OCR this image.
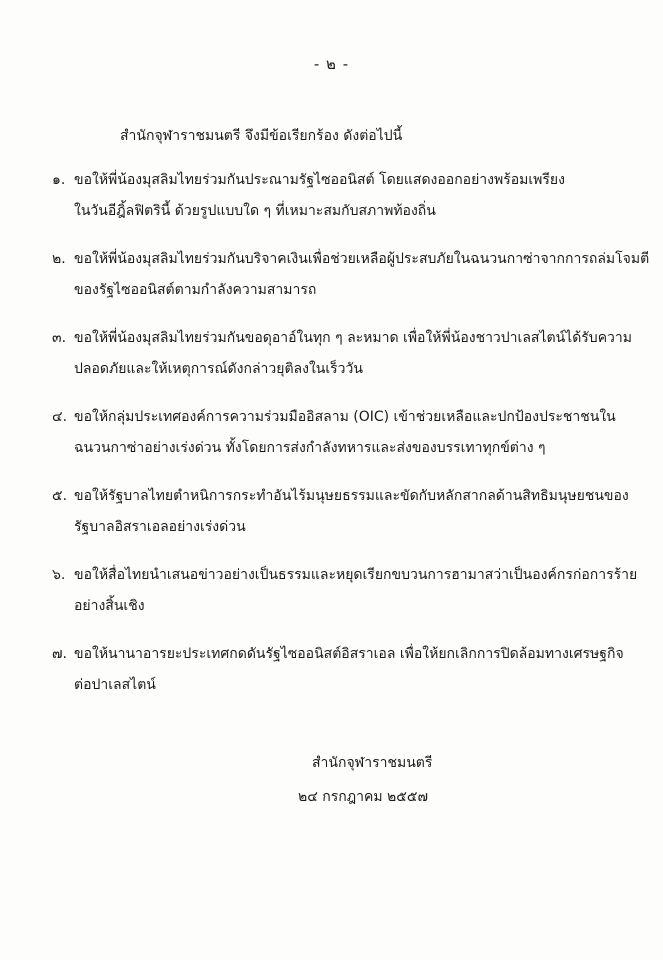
- ๒ -
สำนักจุฬาราชมนตรี จึงมีข้อเรียกร้อง ดังต่อไปนี้
๑. ขอให้พี่น้องมุสลิมไทยร่วมกันประณามรัฐไซออนิสต์ โดยแสดงออกอย่างพร้อมเพรียง
ในวันอีฎิ้ลฟิตรินี้ ด้วยรูปแบบใด ๆ ที่เหมาะสมกับสภาพท้องถิ่น
๒. ขอให้พี่น้องมุสลิมไทยร่วมกันบริจาคเงินเพื่อช่วยเหลือผู้ประสบภัยในฉนวนกาซ่าจากการถล่มโจมตี
ของรัฐไซออนิสต์ตามกำลังความสามารถ
๓. ขอให้พี่น้องมุสลิมไทยร่วมกันขอดุอาอ์ในทุก ๆ ละหมาด เพื่อให้พี่น้องชาวปาเลสไตน์ได้รับความ
ปลอดภัยและให้เหตุการณ์ดังกล่าวยุติลงในเร็ววัน
๔. ขอให้กลุ่มประเทศองค์การความร่วมมืออิสลาม (OIC) เข้าช่วยเหลือและปกป้องประชาชนใน
ฉนวนกาซ่าอย่างเร่งด่วน ทั้งโดยการส่งกำลังทหารและส่งของบรรเทาทุกข์ต่าง ๆ
๕. ขอให้รัฐบาลไทยตำหนิการกระทำอันไร้มนุษยธรรมและขัดกับหลักสากลด้านสิทธิมนุษยชนของ
รัฐบาลอิสราเอลอย่างเร่งด่วน
๖. ขอให้สื่อไทยนำเสนอข่าวอย่างเป็นธรรมและหยุดเรียกขบวนการฮามาสว่าเป็นองค์กรก่อการร้าย
อย่างสิ้นเชิง
๗. ขอให้นานาอารยะประเทศกดดันรัฐไซออนิสต์อิสราเอล เพื่อให้ยกเลิกการปิดล้อมทางเศรษฐกิจ
ต่อปาเลสไตน์
สำนักจุฬาราชมนตรี
๒๔ กรกฎาคม ๒๕๕๗
